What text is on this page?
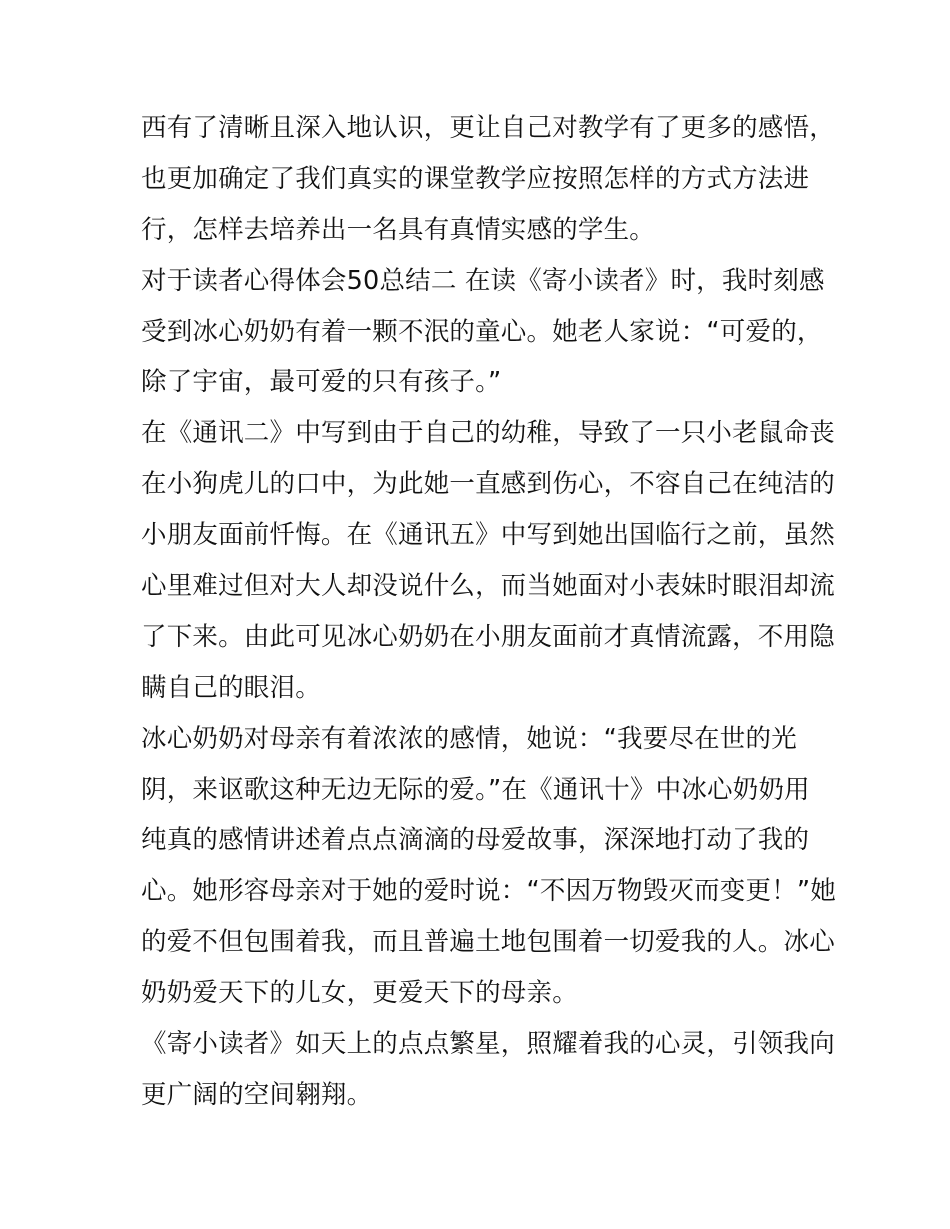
西有了清晰且深入地认识，更让自己对教学有了更多的感悟，
也更加确定了我们真实的课堂教学应按照怎样的方式方法进
行，怎样去培养出一名具有真情实感的学生。

对于读者心得体会50总结二 在读《寄小读者》时，我时刻感
受到冰心奶奶有着一颗不泯的童心。她老人家说：“可爱的，
除了宇宙，最可爱的只有孩子。”

在《通讯二》中写到由于自己的幼稚，导致了一只小老鼠命丧
在小狗虎儿的口中，为此她一直感到伤心，不容自己在纯洁的
小朋友面前忏悔。在《通讯五》中写到她出国临行之前，虽然
心里难过但对大人却没说什么，而当她面对小表妹时眼泪却流
了下来。由此可见冰心奶奶在小朋友面前才真情流露，不用隐
瞒自己的眼泪。

冰心奶奶对母亲有着浓浓的感情，她说：“我要尽在世的光
阴，来讴歌这种无边无际的爱。”在《通讯十》中冰心奶奶用
纯真的感情讲述着点点滴滴的母爱故事，深深地打动了我的
心。她形容母亲对于她的爱时说：“不因万物毁灭而变更！”她
的爱不但包围着我，而且普遍土地包围着一切爱我的人。冰心
奶奶爱天下的儿女，更爱天下的母亲。

《寄小读者》如天上的点点繁星，照耀着我的心灵，引领我向
更广阔的空间翱翔。
